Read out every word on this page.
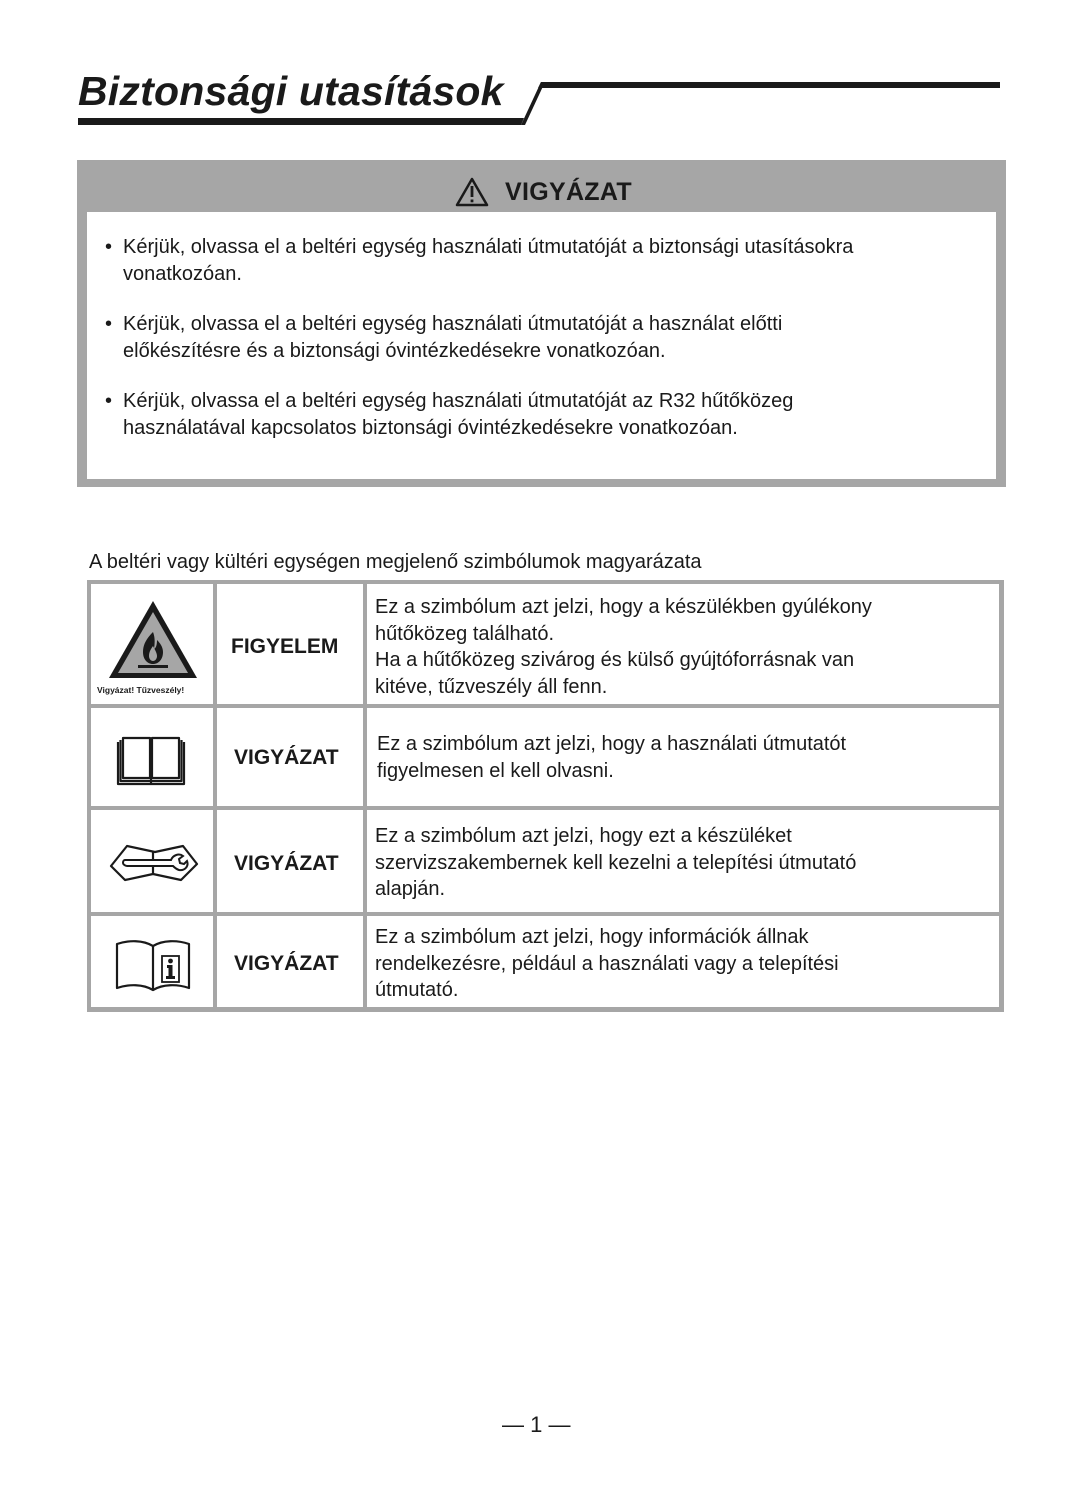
Biztonsági utasítások
VIGYÁZAT
• Kérjük, olvassa el a beltéri egység használati útmutatóját a biztonsági utasításokra
vonatkozóan.
• Kérjük, olvassa el a beltéri egység használati útmutatóját a használat előtti
előkészítésre és a biztonsági óvintézkedésekre vonatkozóan.
• Kérjük, olvassa el a beltéri egység használati útmutatóját az R32 hűtőközeg
használatával kapcsolatos biztonsági óvintézkedésekre vonatkozóan.
A beltéri vagy kültéri egységen megjelenő szimbólumok magyarázata
Vigyázat! Tűzveszély!
FIGYELEM
Ez a szimbólum azt jelzi, hogy a készülékben gyúlékony
hűtőközeg található.
Ha a hűtőközeg szivárog és külső gyújtóforrásnak van
kitéve, tűzveszély áll fenn.
VIGYÁZAT
Ez a szimbólum azt jelzi, hogy a használati útmutatót
figyelmesen el kell olvasni.
VIGYÁZAT
Ez a szimbólum azt jelzi, hogy ezt a készüléket
szervizszakembernek kell kezelni a telepítési útmutató
alapján.
VIGYÁZAT
Ez a szimbólum azt jelzi, hogy információk állnak
rendelkezésre, például a használati vagy a telepítési
útmutató.
— 1 —
